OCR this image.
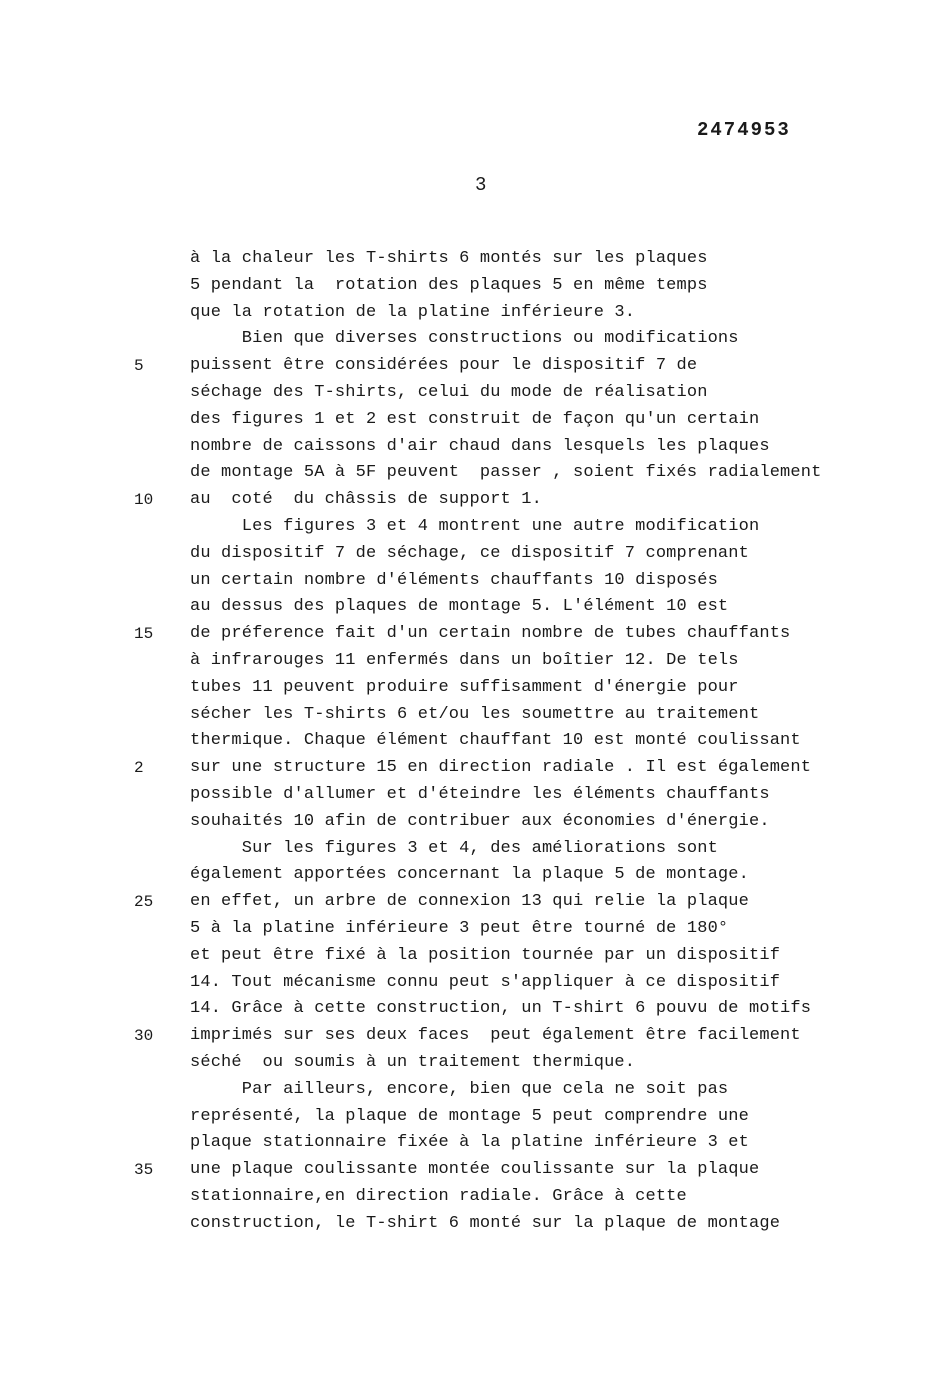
2474953
3
5
10
15
2
25
30
35
à la chaleur les T-shirts 6 montés sur les plaques
5 pendant la  rotation des plaques 5 en même temps
que la rotation de la platine inférieure 3.
Bien que diverses constructions ou modifications
puissent être considérées pour le dispositif 7 de
séchage des T-shirts, celui du mode de réalisation
des figures 1 et 2 est construit de façon qu'un certain
nombre de caissons d'air chaud dans lesquels les plaques
de montage 5A à 5F peuvent  passer , soient fixés radialement
au  coté  du châssis de support 1.
Les figures 3 et 4 montrent une autre modification
du dispositif 7 de séchage, ce dispositif 7 comprenant
un certain nombre d'éléments chauffants 10 disposés
au dessus des plaques de montage 5. L'élément 10 est
de préference fait d'un certain nombre de tubes chauffants
à infrarouges 11 enfermés dans un boîtier 12. De tels
tubes 11 peuvent produire suffisamment d'énergie pour
sécher les T-shirts 6 et/ou les soumettre au traitement
thermique. Chaque élément chauffant 10 est monté coulissant
sur une structure 15 en direction radiale . Il est également
possible d'allumer et d'éteindre les éléments chauffants
souhaités 10 afin de contribuer aux économies d'énergie.
Sur les figures 3 et 4, des améliorations sont
également apportées concernant la plaque 5 de montage.
en effet, un arbre de connexion 13 qui relie la plaque
5 à la platine inférieure 3 peut être tourné de 180°
et peut être fixé à la position tournée par un dispositif
14. Tout mécanisme connu peut s'appliquer à ce dispositif
14. Grâce à cette construction, un T-shirt 6 pouvu de motifs
imprimés sur ses deux faces  peut également être facilement
séché  ou soumis à un traitement thermique.
Par ailleurs, encore, bien que cela ne soit pas
représenté, la plaque de montage 5 peut comprendre une
plaque stationnaire fixée à la platine inférieure 3 et
une plaque coulissante montée coulissante sur la plaque
stationnaire,en direction radiale. Grâce à cette
construction, le T-shirt 6 monté sur la plaque de montage
